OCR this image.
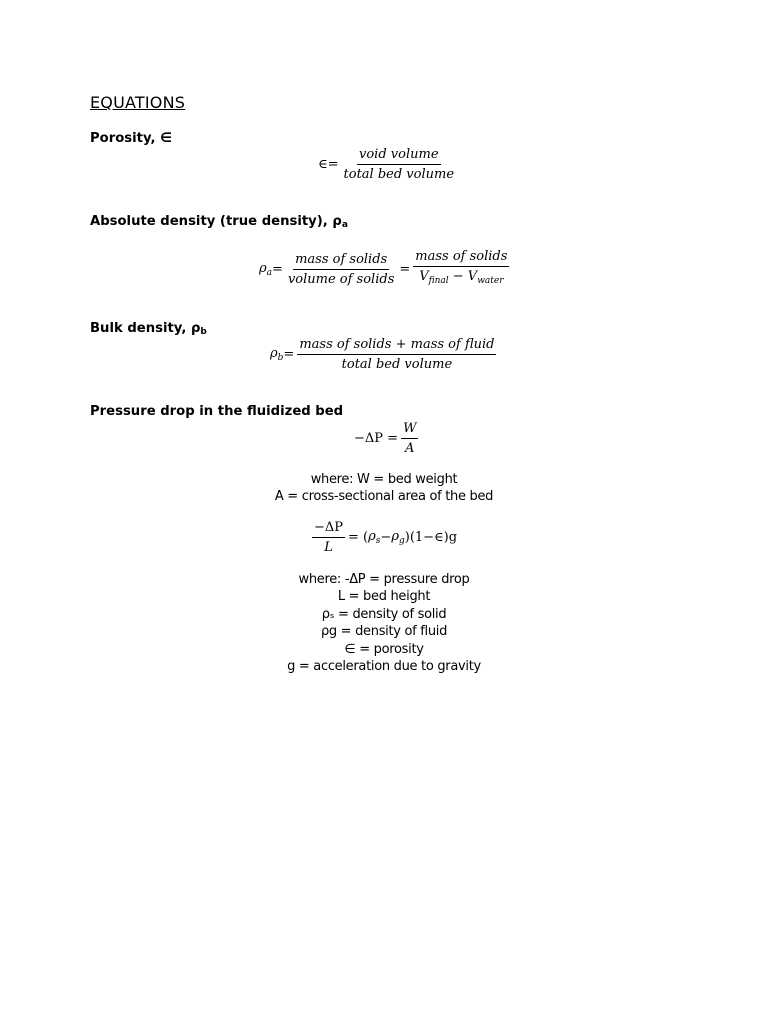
EQUATIONS
Porosity, ∈
∈= $\frac{\text{void volume}}{\text{total bed volume}}$
Absolute density (true density), $\rho_a$
$\rho_a = \frac{\text{mass of solids}}{\text{volume of solids}} = \frac{\text{mass of solids}}{V_{final} - V_{water}}$
Bulk density, $\rho_b$
$\rho_b = \frac{\text{mass of solids + mass of fluid}}{\text{total bed volume}}$
Pressure drop in the fluidized bed
$-\Delta P = \frac{W}{A}$
where: W = bed weight
A = cross-sectional area of the bed
$\frac{-\Delta P}{L}$ = ( $\rho_s - \rho_g$ )(1−∈)g
where: -ΔP = pressure drop
L = bed height
ρₛ = density of solid
ρg = density of fluid
∈ = porosity
g = acceleration due to gravity
